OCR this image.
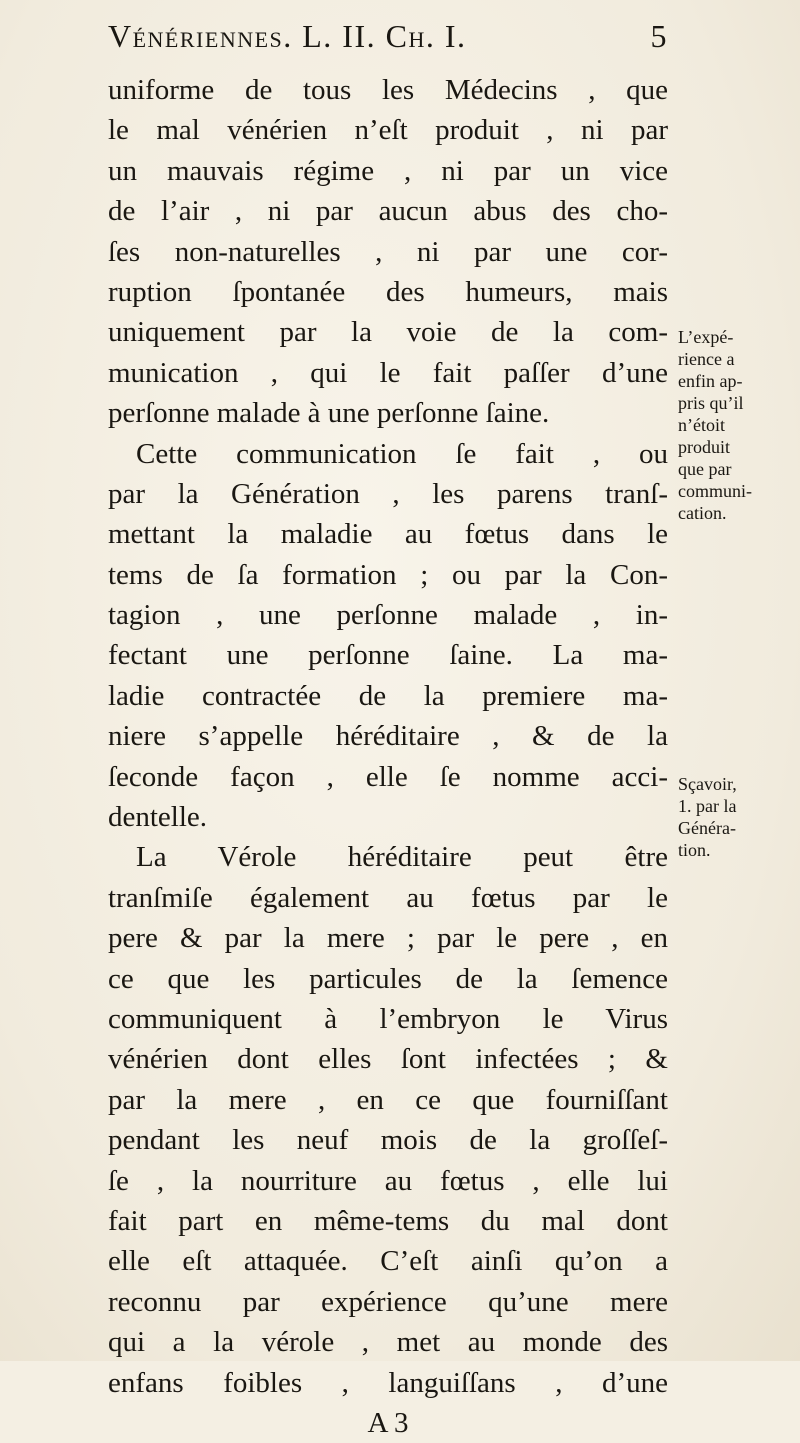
Vénériennes. L. II. Ch. I.	5
uniforme de tous les Médecins , que
le mal vénérien n’eſt produit , ni par
un mauvais régime , ni par un vice
de l’air , ni par aucun abus des cho-
ſes non-naturelles , ni par une cor-
ruption ſpontanée des humeurs, mais
uniquement par la voie de la com-
munication , qui le fait paſſer d’une
perſonne malade à une perſonne ſaine.
Cette communication ſe fait , ou
par la Génération , les parens tranſ-
mettant la maladie au fœtus dans le
tems de ſa formation ; ou par la Con-
tagion , une perſonne malade , in-
fectant une perſonne ſaine. La ma-
ladie contractée de la premiere ma-
niere s’appelle héréditaire , & de la
ſeconde façon , elle ſe nomme acci-
dentelle.
La Vérole héréditaire peut être
tranſmiſe également au fœtus par le
pere & par la mere ; par le pere , en
ce que les particules de la ſemence
communiquent à l’embryon le Virus
vénérien dont elles ſont infectées ; &
par la mere , en ce que fourniſſant
pendant les neuf mois de la groſſeſ-
ſe , la nourriture au fœtus , elle lui
fait part en même-tems du mal dont
elle eſt attaquée. C’eſt ainſi qu’on a
reconnu par expérience qu’une mere
qui a la vérole , met au monde des
enfans foibles , languiſſans , d’une
A 3
L’expé-
rience a
enfin ap-
pris qu’il
n’étoit
produit
que par
communi-
cation.
Sçavoir,
1. par la
Généra-
tion.
